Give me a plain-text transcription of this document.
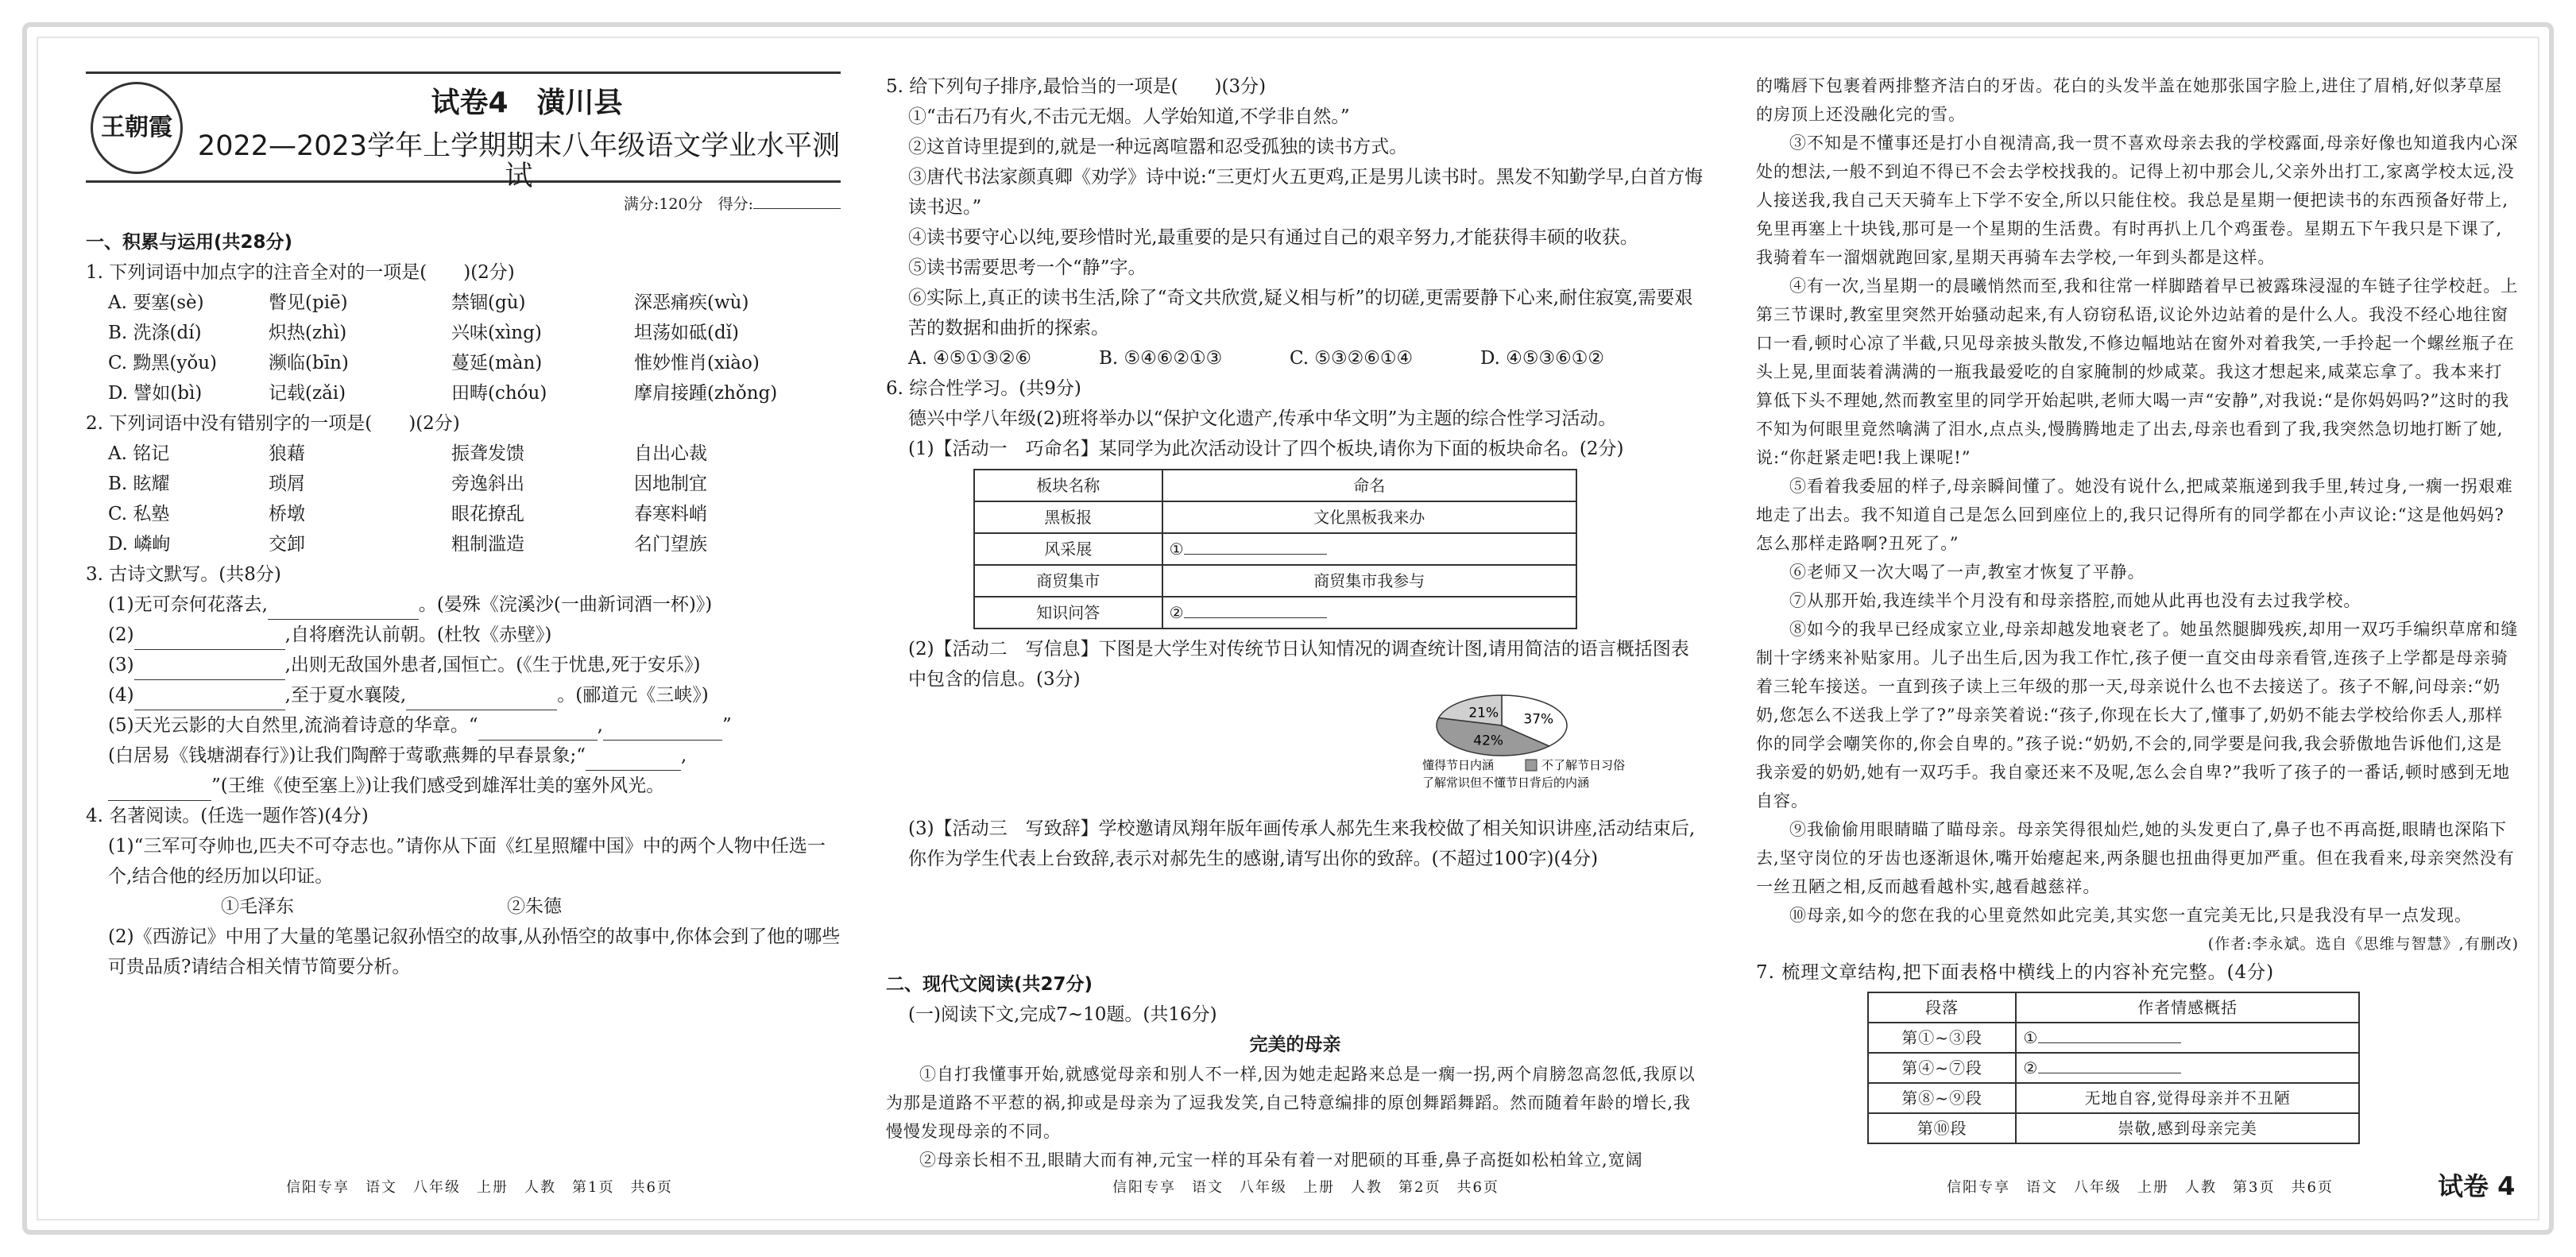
王朝霞
试卷4　潢川县
2022—2023学年上学期期末八年级语文学业水平测试
满分:120分　得分:
一、积累与运用(共28分)
1. 下列词语中加点字的注音全对的一项是(　　)(2分)
A. 要塞(sè)	瞥见(piē)	禁锢(gù)	深恶痛疾(wù)
B. 洗涤(dí)	炽热(zhì)	兴味(xìng)	坦荡如砥(dǐ)
C. 黝黑(yǒu)	濒临(bīn)	蔓延(màn)	惟妙惟肖(xiào)
D. 譬如(bì)	记载(zǎi)	田畴(chóu)	摩肩接踵(zhǒng)
2. 下列词语中没有错别字的一项是(　　)(2分)
A. 铭记	狼藉	振聋发馈	自出心裁
B. 眩耀	琐屑	旁逸斜出	因地制宜
C. 私塾	桥墩	眼花撩乱	春寒料峭
D. 嶙峋	交卸	粗制滥造	名门望族
3. 古诗文默写。(共8分)
(1)无可奈何花落去,	。(晏殊《浣溪沙(一曲新词酒一杯)》)
(2)	,自将磨洗认前朝。(杜牧《赤壁》)
(3)	,出则无敌国外患者,国恒亡。(《生于忧患,死于安乐》)
(4)	,至于夏水襄陵,	。(郦道元《三峡》)
(5)天光云影的大自然里,流淌着诗意的华章。“	,	”
(白居易《钱塘湖春行》)让我们陶醉于莺歌燕舞的早春景象;“	,
”(王维《使至塞上》)让我们感受到雄浑壮美的塞外风光。
4. 名著阅读。(任选一题作答)(4分)
(1)“三军可夺帅也,匹夫不可夺志也。”请你从下面《红星照耀中国》中的两个人物中任选一个,结合他的经历加以印证。
①毛泽东	②朱德
(2)《西游记》中用了大量的笔墨记叙孙悟空的故事,从孙悟空的故事中,你体会到了他的哪些可贵品质?请结合相关情节简要分析。
信阳专享　语文　八年级　上册　人教　第1页　共6页
5. 给下列句子排序,最恰当的一项是(　　)(3分)
①“击石乃有火,不击元无烟。人学始知道,不学非自然。”
②这首诗里提到的,就是一种远离喧嚣和忍受孤独的读书方式。
③唐代书法家颜真卿《劝学》诗中说:“三更灯火五更鸡,正是男儿读书时。黑发不知勤学早,白首方悔读书迟。”
④读书要守心以纯,要珍惜时光,最重要的是只有通过自己的艰辛努力,才能获得丰硕的收获。
⑤读书需要思考一个“静”字。
⑥实际上,真正的读书生活,除了“奇文共欣赏,疑义相与析”的切磋,更需要静下心来,耐住寂寞,需要艰苦的数据和曲折的探索。
A. ④⑤①③②⑥	B. ⑤④⑥②①③	C. ⑤③②⑥①④	D. ④⑤③⑥①②
6. 综合性学习。(共9分)
德兴中学八年级(2)班将举办以“保护文化遗产,传承中华文明”为主题的综合性学习活动。
(1)【活动一　巧命名】某同学为此次活动设计了四个板块,请你为下面的板块命名。(2分)
板块名称	命名
黑板报	文化黑板我来办
风采展	①
商贸集市	商贸集市我参与
知识问答	②
(2)【活动二　写信息】下图是大学生对传统节日认知情况的调查统计图,请用简洁的语言概括图表中包含的信息。(3分)
37%
42%
21%
懂得节日内涵	不了解节日习俗
了解常识但不懂节日背后的内涵
(3)【活动三　写致辞】学校邀请凤翔年版年画传承人郝先生来我校做了相关知识讲座,活动结束后,你作为学生代表上台致辞,表示对郝先生的感谢,请写出你的致辞。(不超过100字)(4分)
二、现代文阅读(共27分)
(一)阅读下文,完成7~10题。(共16分)
完美的母亲
①自打我懂事开始,就感觉母亲和别人不一样,因为她走起路来总是一瘸一拐,两个肩膀忽高忽低,我原以为那是道路不平惹的祸,抑或是母亲为了逗我发笑,自己特意编排的原创舞蹈舞蹈。然而随着年龄的增长,我慢慢发现母亲的不同。
②母亲长相不丑,眼睛大而有神,元宝一样的耳朵有着一对肥硕的耳垂,鼻子高挺如松柏耸立,宽阔
信阳专享　语文　八年级　上册　人教　第2页　共6页
的嘴唇下包裹着两排整齐洁白的牙齿。花白的头发半盖在她那张国字脸上,进住了眉梢,好似茅草屋的房顶上还没融化完的雪。
③不知是不懂事还是打小自视清高,我一贯不喜欢母亲去我的学校露面,母亲好像也知道我内心深处的想法,一般不到迫不得已不会去学校找我的。记得上初中那会儿,父亲外出打工,家离学校太远,没人接送我,我自己天天骑车上下学不安全,所以只能住校。我总是星期一便把读书的东西预备好带上,免里再塞上十块钱,那可是一个星期的生活费。有时再扒上几个鸡蛋卷。星期五下午我只是下课了,我骑着车一溜烟就跑回家,星期天再骑车去学校,一年到头都是这样。
④有一次,当星期一的晨曦悄然而至,我和往常一样脚踏着早已被露珠浸湿的车链子往学校赶。上第三节课时,教室里突然开始骚动起来,有人窃窃私语,议论外边站着的是什么人。我没不经心地往窗口一看,顿时心凉了半截,只见母亲披头散发,不修边幅地站在窗外对着我笑,一手拎起一个螺丝瓶子在头上晃,里面装着满满的一瓶我最爱吃的自家腌制的炒咸菜。我这才想起来,咸菜忘拿了。我本来打算低下头不理她,然而教室里的同学开始起哄,老师大喝一声“安静”,对我说:“是你妈妈吗?”这时的我不知为何眼里竟然噙满了泪水,点点头,慢腾腾地走了出去,母亲也看到了我,我突然急切地打断了她,说:“你赶紧走吧!我上课呢!”
⑤看着我委屈的样子,母亲瞬间懂了。她没有说什么,把咸菜瓶递到我手里,转过身,一瘸一拐艰难地走了出去。我不知道自己是怎么回到座位上的,我只记得所有的同学都在小声议论:“这是他妈妈?怎么那样走路啊?丑死了。”
⑥老师又一次大喝了一声,教室才恢复了平静。
⑦从那开始,我连续半个月没有和母亲搭腔,而她从此再也没有去过我学校。
⑧如今的我早已经成家立业,母亲却越发地衰老了。她虽然腿脚残疾,却用一双巧手编织草席和缝制十字绣来补贴家用。儿子出生后,因为我工作忙,孩子便一直交由母亲看管,连孩子上学都是母亲骑着三轮车接送。一直到孩子读上三年级的那一天,母亲说什么也不去接送了。孩子不解,问母亲:“奶奶,您怎么不送我上学了?”母亲笑着说:“孩子,你现在长大了,懂事了,奶奶不能去学校给你丢人,那样你的同学会嘲笑你的,你会自卑的。”孩子说:“奶奶,不会的,同学要是问我,我会骄傲地告诉他们,这是我亲爱的奶奶,她有一双巧手。我自豪还来不及呢,怎么会自卑?”我听了孩子的一番话,顿时感到无地自容。
⑨我偷偷用眼睛瞄了瞄母亲。母亲笑得很灿烂,她的头发更白了,鼻子也不再高挺,眼睛也深陷下去,坚守岗位的牙齿也逐渐退休,嘴开始瘪起来,两条腿也扭曲得更加严重。但在我看来,母亲突然没有一丝丑陋之相,反而越看越朴实,越看越慈祥。
⑩母亲,如今的您在我的心里竟然如此完美,其实您一直完美无比,只是我没有早一点发现。
(作者:李永斌。选自《思维与智慧》,有删改)
7. 梳理文章结构,把下面表格中横线上的内容补充完整。(4分)
段落	作者情感概括
第①~③段	①
第④~⑦段	②
第⑧~⑨段	无地自容,觉得母亲并不丑陋
第⑩段	崇敬,感到母亲完美
信阳专享　语文　八年级　上册　人教　第3页　共6页	试卷 4
